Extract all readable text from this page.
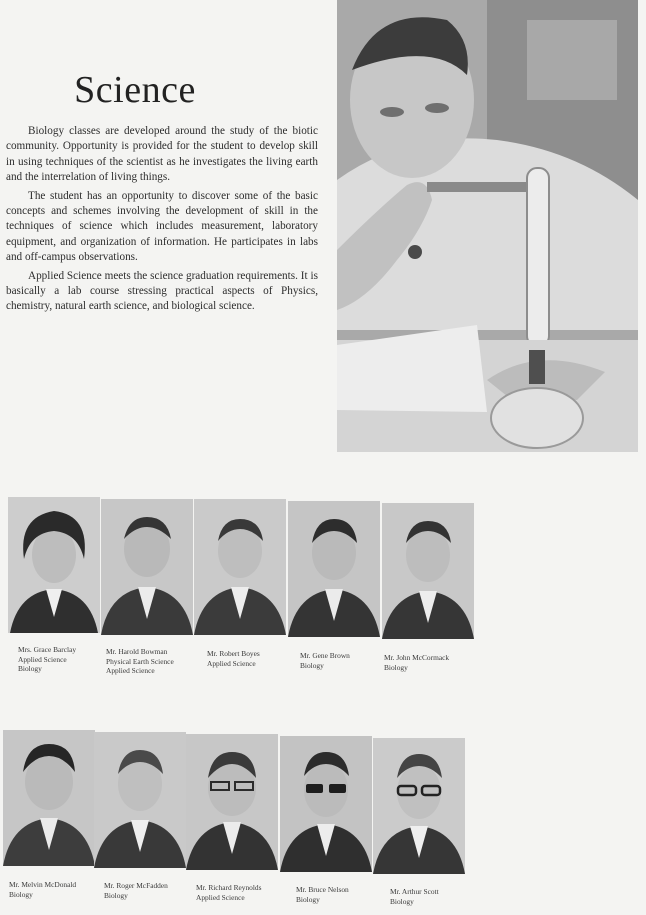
Science

Biology classes are developed around the study of the biotic community. Opportunity is provided for the student to develop skill in using techniques of the scientist as he investigates the living earth and the interrelation of living things.

The student has an opportunity to discover some of the basic concepts and schemes involving the development of skill in the techniques of science which includes measurement, laboratory equipment, and organization of information. He participates in labs and off-campus observations.

Applied Science meets the science graduation requirements. It is basically a lab course stressing practical aspects of Physics, chemistry, natural earth science, and biological science.

Mrs. Grace Barclay
Applied Science
Biology
Mr. Harold Bowman
Physical Earth Science
Applied Science
Mr. Robert Boyes
Applied Science
Mr. Gene Brown
Biology
Mr. John McCormack
Biology
Mr. Melvin McDonald
Biology
Mr. Roger McFadden
Biology
Mr. Richard Reynolds
Applied Science
Mr. Bruce Nelson
Biology
Mr. Arthur Scott
Biology
